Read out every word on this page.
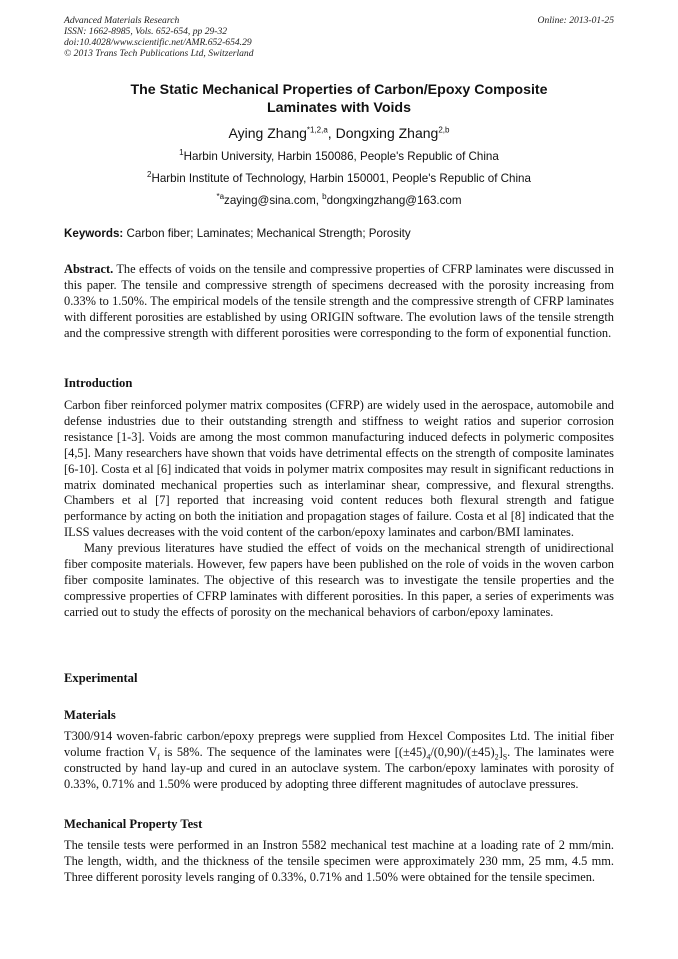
Advanced Materials Research
ISSN: 1662-8985, Vols. 652-654, pp 29-32
doi:10.4028/www.scientific.net/AMR.652-654.29
© 2013 Trans Tech Publications Ltd, Switzerland
Online: 2013-01-25
The Static Mechanical Properties of Carbon/Epoxy Composite
Laminates with Voids
Aying Zhang$^{*1,2,a}$, Dongxing Zhang$^{2,b}$
$^1$Harbin University, Harbin 150086, People's Republic of China
$^2$Harbin Institute of Technology, Harbin 150001, People's Republic of China
$^{*a}$zaying@sina.com, $^b$dongxingzhang@163.com
Keywords: Carbon fiber; Laminates; Mechanical Strength; Porosity

Abstract. The effects of voids on the tensile and compressive properties of CFRP laminates were discussed in this paper. The tensile and compressive strength of specimens decreased with the porosity increasing from 0.33% to 1.50%. The empirical models of the tensile strength and the compressive strength of CFRP laminates with different porosities are established by using ORIGIN software. The evolution laws of the tensile strength and the compressive strength with different porosities were corresponding to the form of exponential function.

Introduction

Carbon fiber reinforced polymer matrix composites (CFRP) are widely used in the aerospace, automobile and defense industries due to their outstanding strength and stiffness to weight ratios and superior corrosion resistance [1-3]. Voids are among the most common manufacturing induced defects in polymeric composites [4,5]. Many researchers have shown that voids have detrimental effects on the strength of composite laminates [6-10]. Costa et al [6] indicated that voids in polymer matrix composites may result in significant reductions in matrix dominated mechanical properties such as interlaminar shear, compressive, and flexural strengths. Chambers et al [7] reported that increasing void content reduces both flexural strength and fatigue performance by acting on both the initiation and propagation stages of failure. Costa et al [8] indicated that the ILSS values decreases with the void content of the carbon/epoxy laminates and carbon/BMI laminates.

Many previous literatures have studied the effect of voids on the mechanical strength of unidirectional fiber composite materials. However, few papers have been published on the role of voids in the woven carbon fiber composite laminates. The objective of this research was to investigate the tensile properties and the compressive properties of CFRP laminates with different porosities. In this paper, a series of experiments was carried out to study the effects of porosity on the mechanical behaviors of carbon/epoxy laminates.

Experimental
Materials

T300/914 woven-fabric carbon/epoxy prepregs were supplied from Hexcel Composites Ltd. The initial fiber volume fraction $V_f$ is 58%. The sequence of the laminates were $[(\pm 45)_4/(0,90)/(\pm 45)_2]_S$. The laminates were constructed by hand lay-up and cured in an autoclave system. The carbon/epoxy laminates with porosity of 0.33%, 0.71% and 1.50% were produced by adopting three different magnitudes of autoclave pressures.

Mechanical Property Test

The tensile tests were performed in an Instron 5582 mechanical test machine at a loading rate of 2 mm/min. The length, width, and the thickness of the tensile specimen were approximately 230 mm, 25 mm, 4.5 mm. Three different porosity levels ranging of 0.33%, 0.71% and 1.50% were obtained for the tensile specimen.
